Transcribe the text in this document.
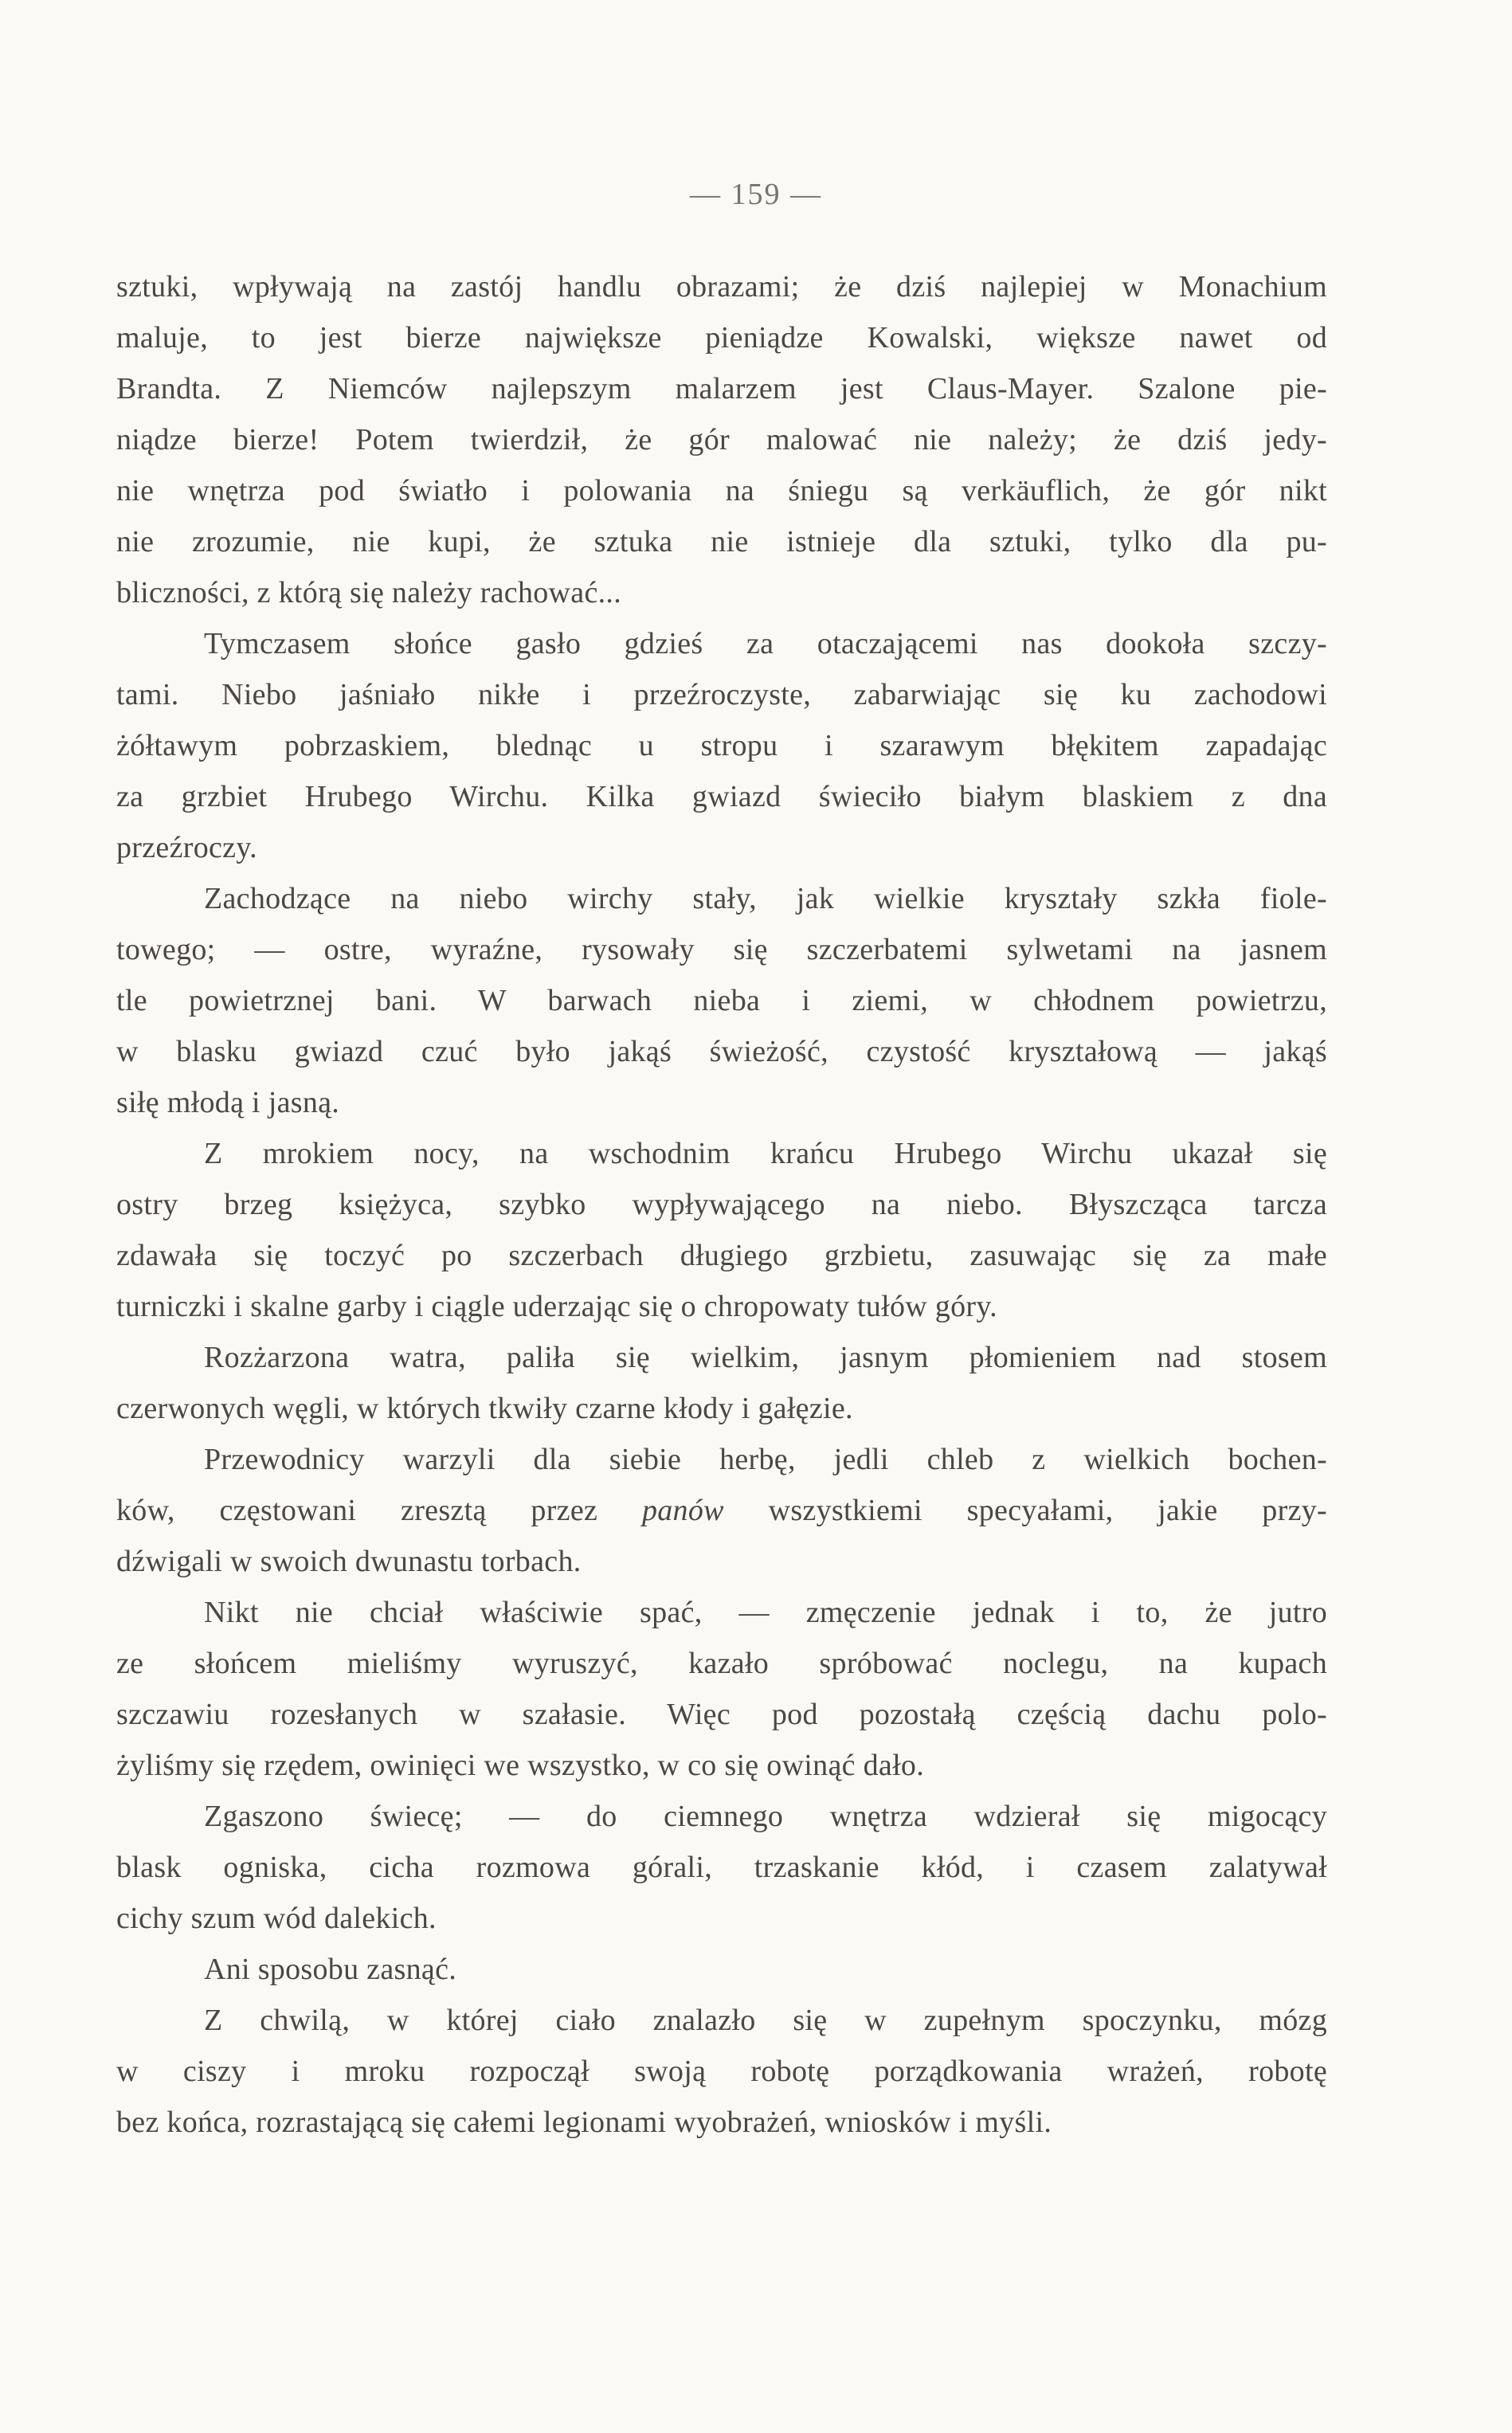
— 159 —
sztuki, wpływają na zastój handlu obrazami; że dziś najlepiej w Monachium
maluje, to jest bierze największe pieniądze Kowalski, większe nawet od
Brandta. Z Niemców najlepszym malarzem jest Claus-Mayer. Szalone pie-
niądze bierze! Potem twierdził, że gór malować nie należy; że dziś jedy-
nie wnętrza pod światło i polowania na śniegu są verkäuflich, że gór nikt
nie zrozumie, nie kupi, że sztuka nie istnieje dla sztuki, tylko dla pu-
bliczności, z którą się należy rachować...
Tymczasem słońce gasło gdzieś za otaczającemi nas dookoła szczy-
tami. Niebo jaśniało nikłe i przeźroczyste, zabarwiając się ku zachodowi
żółtawym pobrzaskiem, blednąc u stropu i szarawym błękitem zapadając
za grzbiet Hrubego Wirchu. Kilka gwiazd świeciło białym blaskiem z dna
przeźroczy.
Zachodzące na niebo wirchy stały, jak wielkie kryształy szkła fiole-
towego; — ostre, wyraźne, rysowały się szczerbatemi sylwetami na jasnem
tle powietrznej bani. W barwach nieba i ziemi, w chłodnem powietrzu,
w blasku gwiazd czuć było jakąś świeżość, czystość kryształową — jakąś
siłę młodą i jasną.
Z mrokiem nocy, na wschodnim krańcu Hrubego Wirchu ukazał się
ostry brzeg księżyca, szybko wypływającego na niebo. Błyszcząca tarcza
zdawała się toczyć po szczerbach długiego grzbietu, zasuwając się za małe
turniczki i skalne garby i ciągle uderzając się o chropowaty tułów góry.
Rozżarzona watra, paliła się wielkim, jasnym płomieniem nad stosem
czerwonych węgli, w których tkwiły czarne kłody i gałęzie.
Przewodnicy warzyli dla siebie herbę, jedli chleb z wielkich bochen-
ków, częstowani zresztą przez panów wszystkiemi specyałami, jakie przy-
dźwigali w swoich dwunastu torbach.
Nikt nie chciał właściwie spać, — zmęczenie jednak i to, że jutro
ze słońcem mieliśmy wyruszyć, kazało spróbować noclegu, na kupach
szczawiu rozesłanych w szałasie. Więc pod pozostałą częścią dachu polo-
żyliśmy się rzędem, owinięci we wszystko, w co się owinąć dało.
Zgaszono świecę; — do ciemnego wnętrza wdzierał się migocący
blask ogniska, cicha rozmowa górali, trzaskanie kłód, i czasem zalatywał
cichy szum wód dalekich.
Ani sposobu zasnąć.
Z chwilą, w której ciało znalazło się w zupełnym spoczynku, mózg
w ciszy i mroku rozpoczął swoją robotę porządkowania wrażeń, robotę
bez końca, rozrastającą się całemi legionami wyobrażeń, wniosków i myśli.
